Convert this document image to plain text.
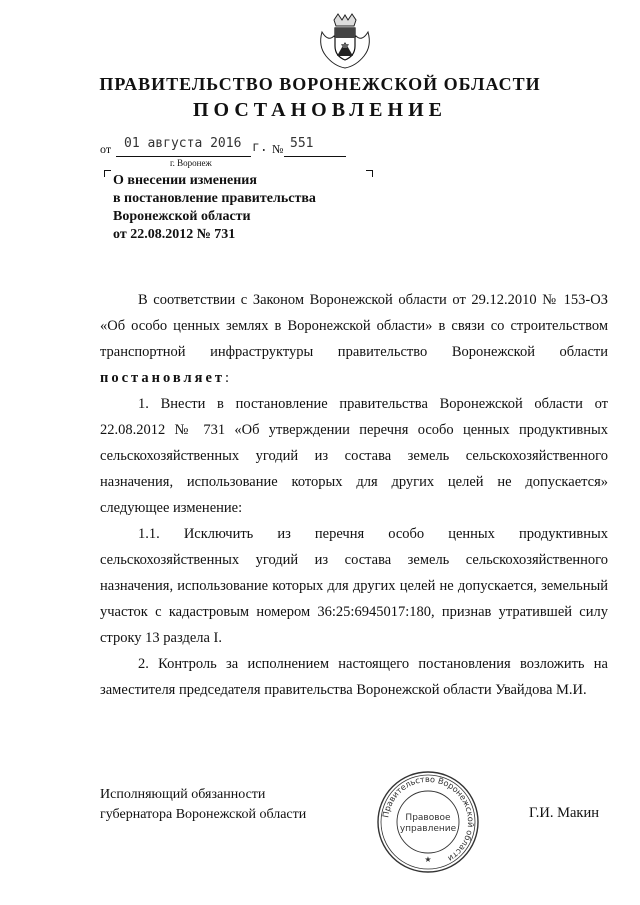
ПРАВИТЕЛЬСТВО ВОРОНЕЖСКОЙ ОБЛАСТИ
ПОСТАНОВЛЕНИЕ
от 01 августа 2016 г. № 551
г. Воронеж
О внесении изменения
в постановление правительства
Воронежской области
от 22.08.2012 № 731

В соответствии с Законом Воронежской области от 29.12.2010 № 153-ОЗ «Об особо ценных землях в Воронежской области» в связи со строительством транспортной инфраструктуры правительство Воронежской области постановляет:

1. Внести в постановление правительства Воронежской области от 22.08.2012 № 731 «Об утверждении перечня особо ценных продуктивных сельскохозяйственных угодий из состава земель сельскохозяйственного назначения, использование которых для других целей не допускается» следующее изменение:

1.1. Исключить из перечня особо ценных продуктивных сельскохозяйственных угодий из состава земель сельскохозяйственного назначения, использование которых для других целей не допускается, земельный участок с кадастровым номером 36:25:6945017:180, признав утратившей силу строку 13 раздела I.

2. Контроль за исполнением настоящего постановления возложить на заместителя председателя правительства Воронежской области Увайдова М.И.

Исполняющий обязанности
губернатора Воронежской области	Правительство Воронежской области
Правовое
управление
★
Г.И. Макин
